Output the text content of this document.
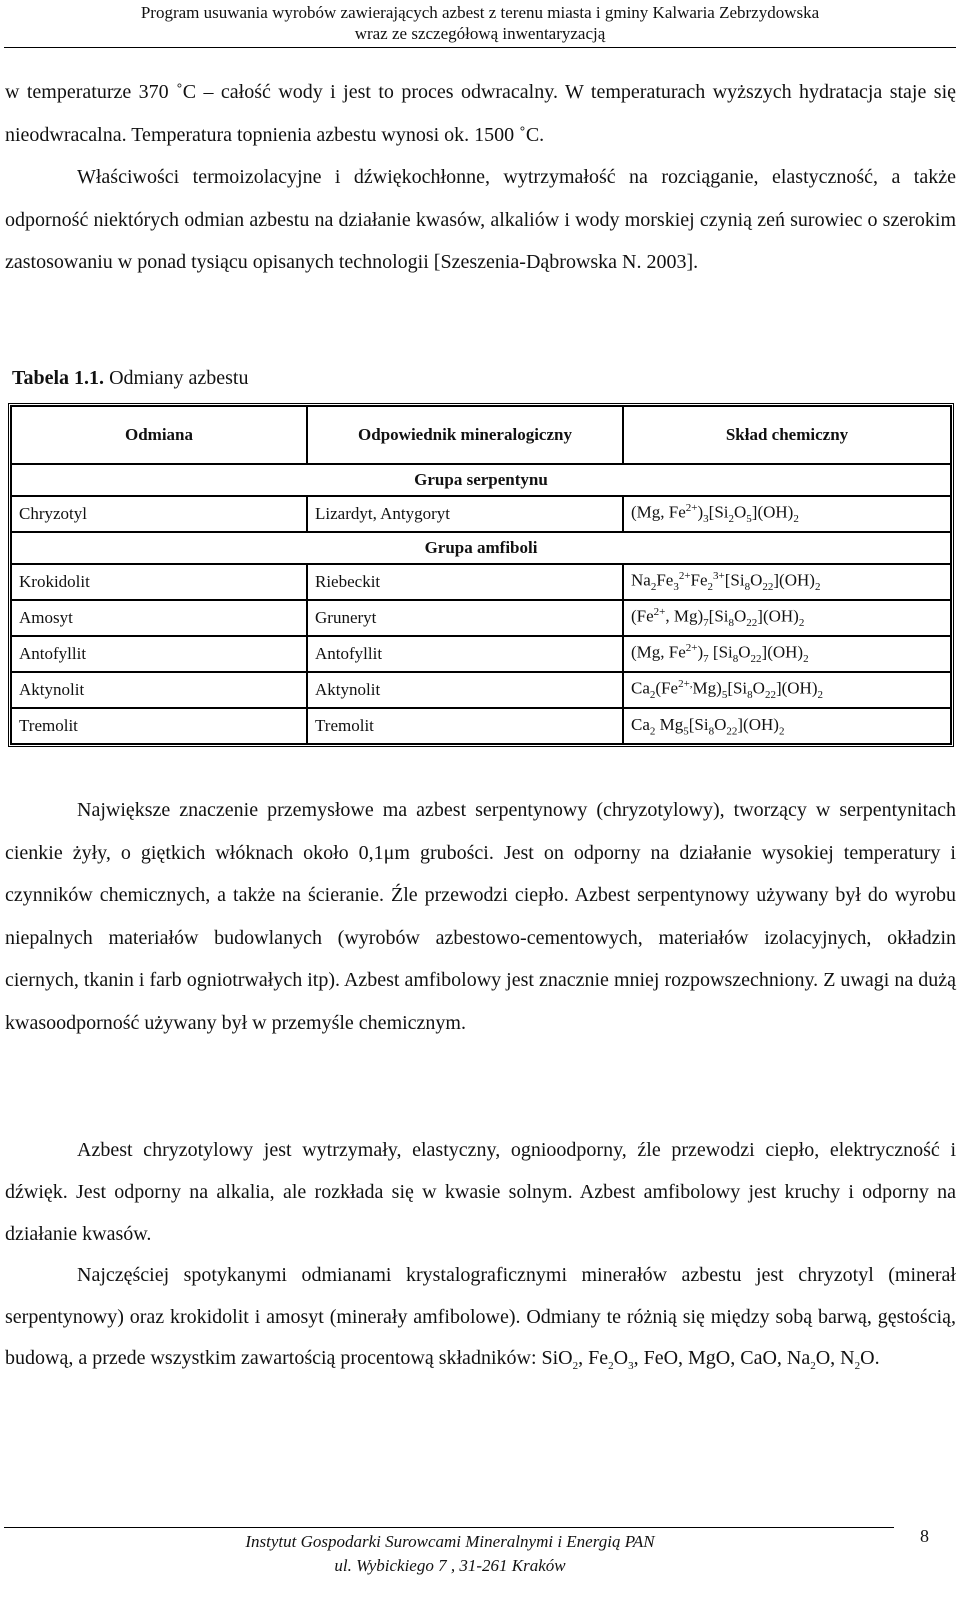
Program usuwania wyrobów zawierających azbest z terenu miasta i gminy Kalwaria Zebrzydowska
wraz ze szczegółową inwentaryzacją

w temperaturze 370 ˚C – całość wody i jest to proces odwracalny. W temperaturach wyższych hydratacja staje się nieodwracalna. Temperatura topnienia azbestu wynosi ok. 1500 ˚C.
Właściwości termoizolacyjne i dźwiękochłonne, wytrzymałość na rozciąganie, elastyczność, a także odporność niektórych odmian azbestu na działanie kwasów, alkaliów i wody morskiej czynią zeń surowiec o szerokim zastosowaniu w ponad tysiącu opisanych technologii [Szeszenia-Dąbrowska N. 2003].

Tabela 1.1. Odmiany azbestu
Odmiana	Odpowiednik mineralogiczny	Skład chemiczny
Grupa serpentynu		
Chryzotyl	Lizardyt, Antygoryt	(Mg, $Fe^{2+})_3[Si_2O_5](OH)_2$
Grupa amfiboli		
Krokidolit	Riebeckit	$Na_2Fe_3^{2+}Fe_2^{3+}[Si_8O_{22}](OH)_2$
Amosyt	Gruneryt	($Fe^{2+}$, $Mg)_7[Si_8O_{22}](OH)_2$
Antofyllit	Antofyllit	(Mg, $Fe^{2+})_7$ $[Si_8O_{22}](OH)_2$
Aktynolit	Aktynolit	$Ca_2(Fe^{2+,}Mg)_5[Si_8O_{22}](OH)_2$
Tremolit	Tremolit	$Ca_2$ $Mg_5[Si_8O_{22}](OH)_2$

Największe znaczenie przemysłowe ma azbest serpentynowy (chryzotylowy), tworzący w serpentynitach cienkie żyły, o giętkich włóknach około 0,1μm grubości. Jest on odporny na działanie wysokiej temperatury i czynników chemicznych, a także na ścieranie. Źle przewodzi ciepło. Azbest serpentynowy używany był do wyrobu niepalnych materiałów budowlanych (wyrobów azbestowo-cementowych, materiałów izolacyjnych, okładzin ciernych, tkanin i farb ogniotrwałych itp). Azbest amfibolowy jest znacznie mniej rozpowszechniony. Z uwagi na dużą kwasoodporność używany był w przemyśle chemicznym.

Azbest chryzotylowy jest wytrzymały, elastyczny, ognioodporny, źle przewodzi ciepło, elektryczność i dźwięk. Jest odporny na alkalia, ale rozkłada się w kwasie solnym. Azbest amfibolowy jest kruchy i odporny na działanie kwasów.

Najczęściej spotykanymi odmianami krystalograficznymi minerałów azbestu jest chryzotyl (minerał serpentynowy) oraz krokidolit i amosyt (minerały amfibolowe). Odmiany te różnią się między sobą barwą, gęstością, budową, a przede wszystkim zawartością procentową składników: SiO$_2$, $Fe_2O_3$, FeO, MgO, CaO, $Na_2O$, $N_2O$.

Instytut Gospodarki Surowcami Mineralnymi i Energią PAN
ul. Wybickiego 7 , 31-261 Kraków
8
